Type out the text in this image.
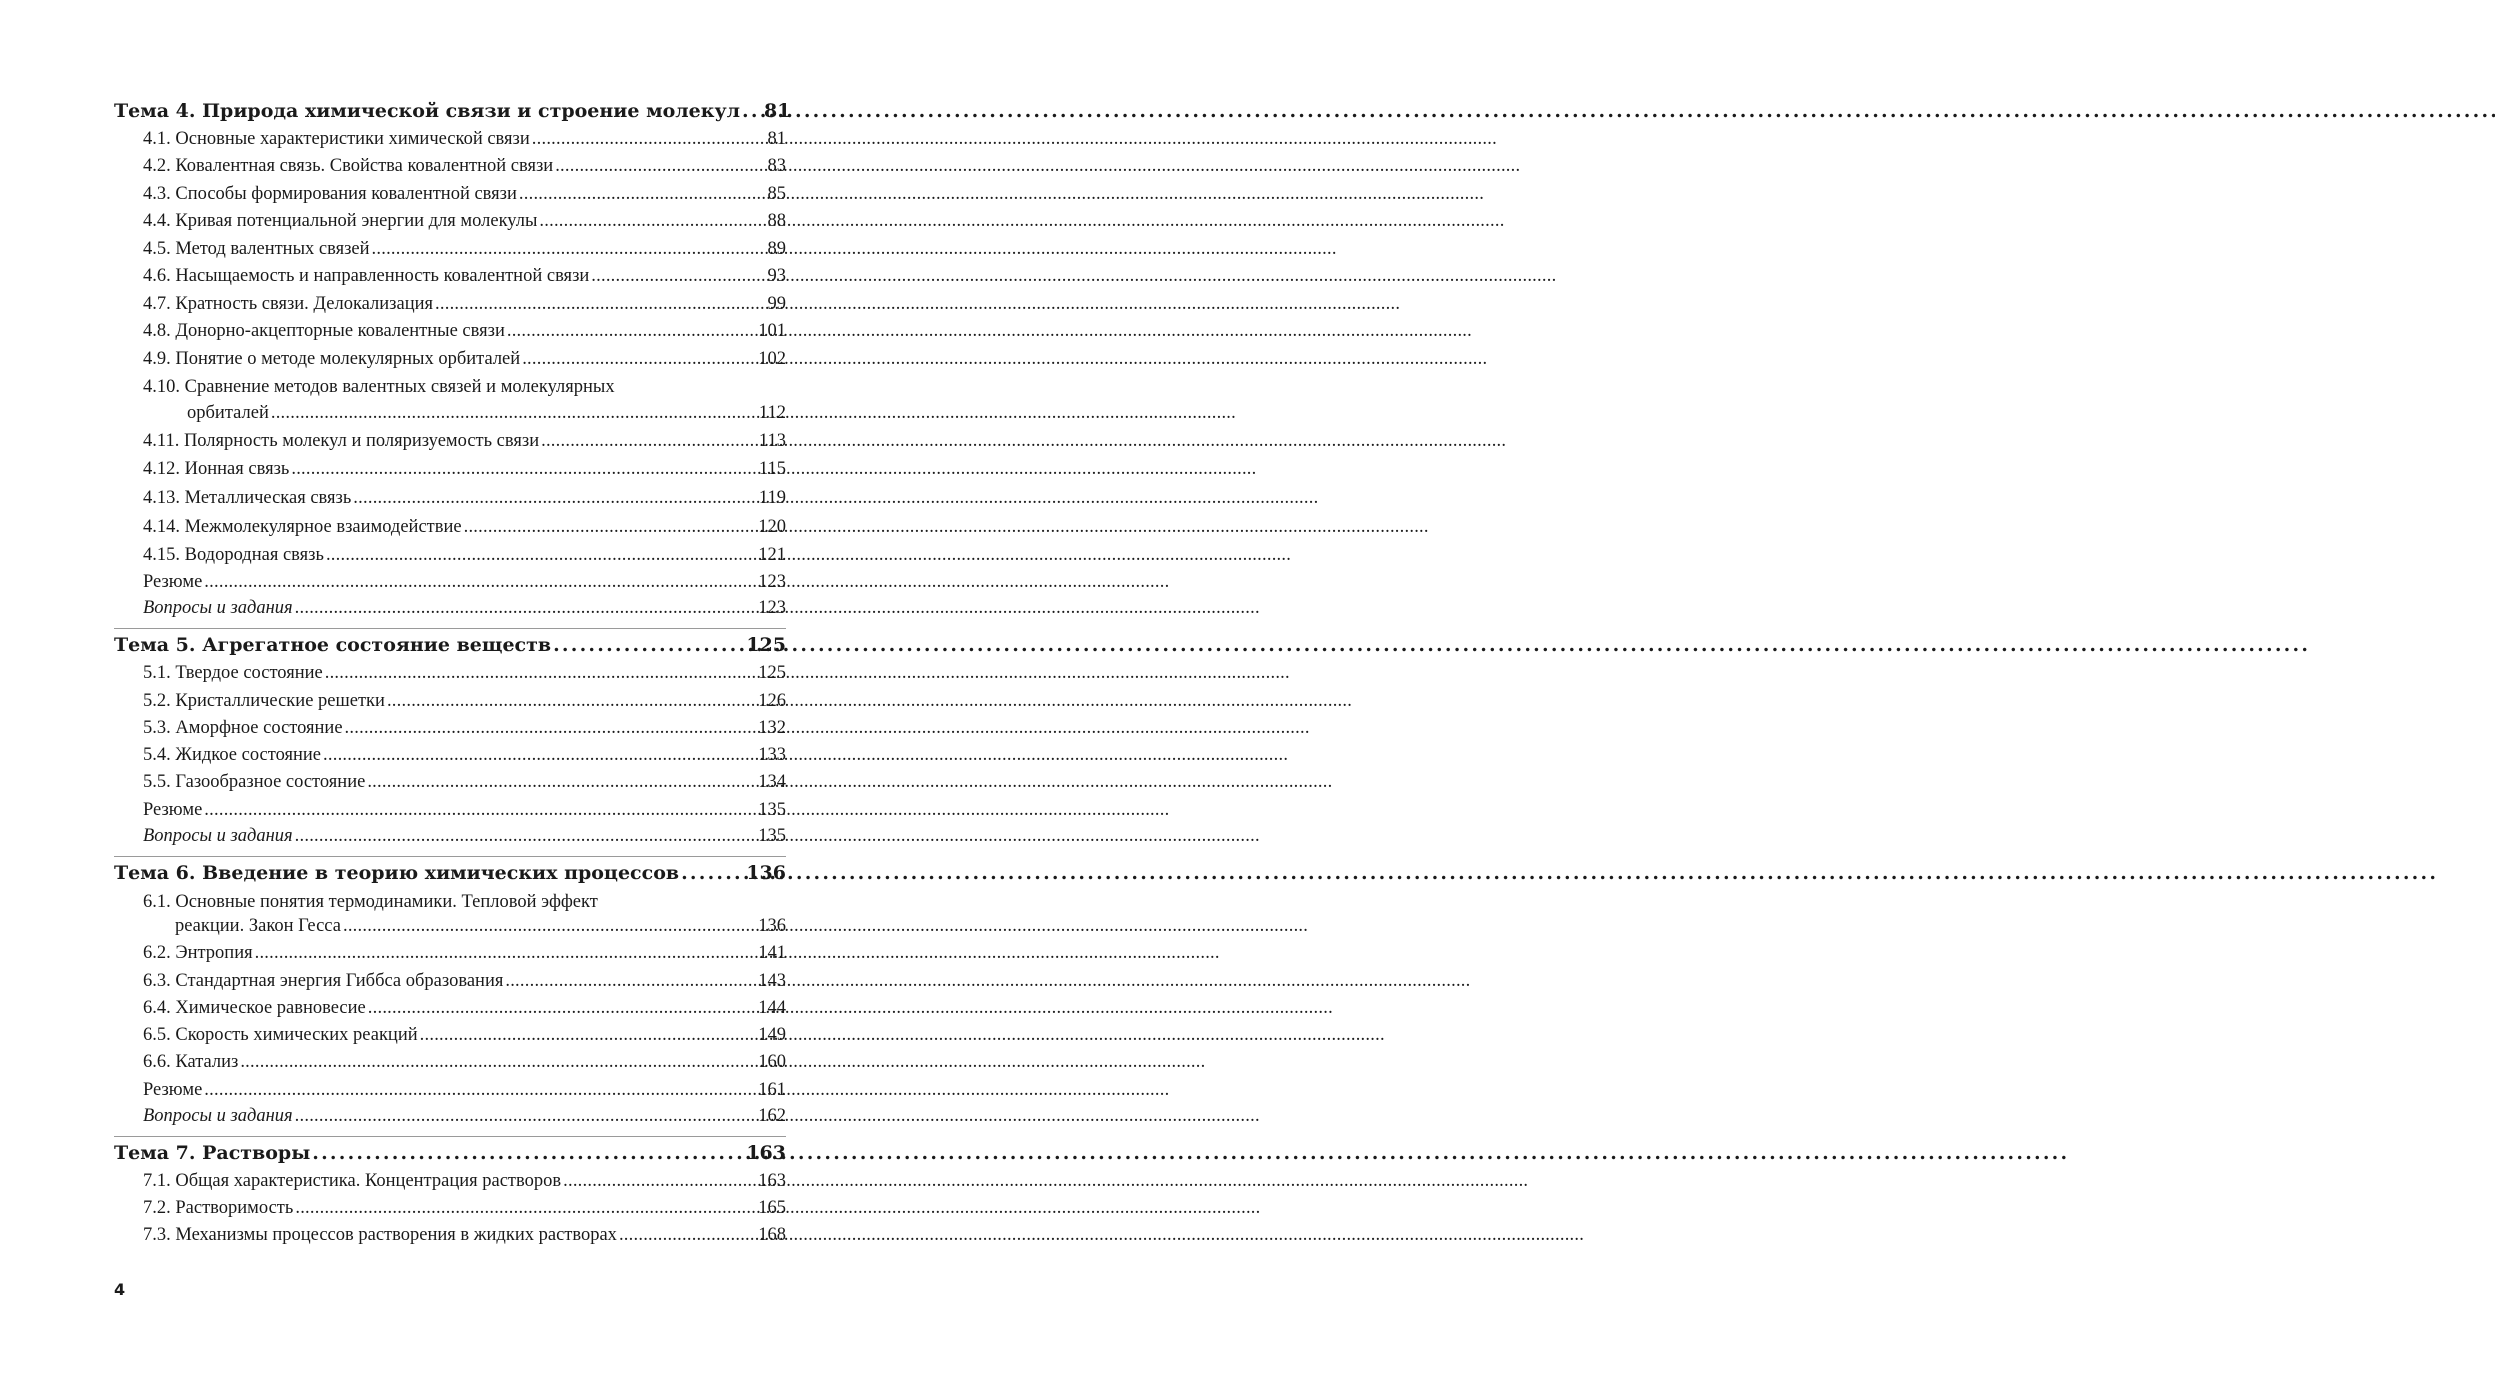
Тема 4. Природа химической связи и строение молекул . . . 81
4.1. Основные характеристики химической связи . . .	81
4.2. Ковалентная связь. Свойства ковалентной связи . . .	83
4.3. Способы формирования ковалентной связи . . .	85
4.4. Кривая потенциальной энергии для молекулы . . .	88
4.5. Метод валентных связей . . .	89
4.6. Насыщаемость и направленность ковалентной связи . . .	93
4.7. Кратность связи. Делокализация . . .	99
4.8. Донорно-акцепторные ковалентные связи . . .	101
4.9. Понятие о методе молекулярных орбиталей . . .	102
4.10. Сравнение методов валентных связей и молекулярных
орбиталей . . .	112
4.11. Полярность молекул и поляризуемость связи . . .	113
4.12. Ионная связь . . .	115
4.13. Металлическая связь . . .	119
4.14. Межмолекулярное взаимодействие . . .	120
4.15. Водородная связь . . .	121
Резюме . . .	123
Вопросы и задания . . .	123
Тема 5. Агрегатное состояние веществ . . .	125
5.1. Твердое состояние . . .	125
5.2. Кристаллические решетки . . .	126
5.3. Аморфное состояние . . .	132
5.4. Жидкое состояние . . .	133
5.5. Газообразное состояние . . .	134
Резюме . . .	135
Вопросы и задания . . .	135
Тема 6. Введение в теорию химических процессов . . .	136
6.1. Основные понятия термодинамики. Тепловой эффект
реакции. Закон Гесса . . .	136
6.2. Энтропия . . .	141
6.3. Стандартная энергия Гиббса образования . . .	143
6.4. Химическое равновесие . . .	144
6.5. Скорость химических реакций . . .	149
6.6. Катализ . . .	160
Резюме . . .	161
Вопросы и задания . . .	162
Тема 7. Растворы . . .	163
7.1. Общая характеристика. Концентрация растворов . . .	163
7.2. Растворимость . . .	165
7.3. Механизмы процессов растворения в жидких растворах . . .	168
4
